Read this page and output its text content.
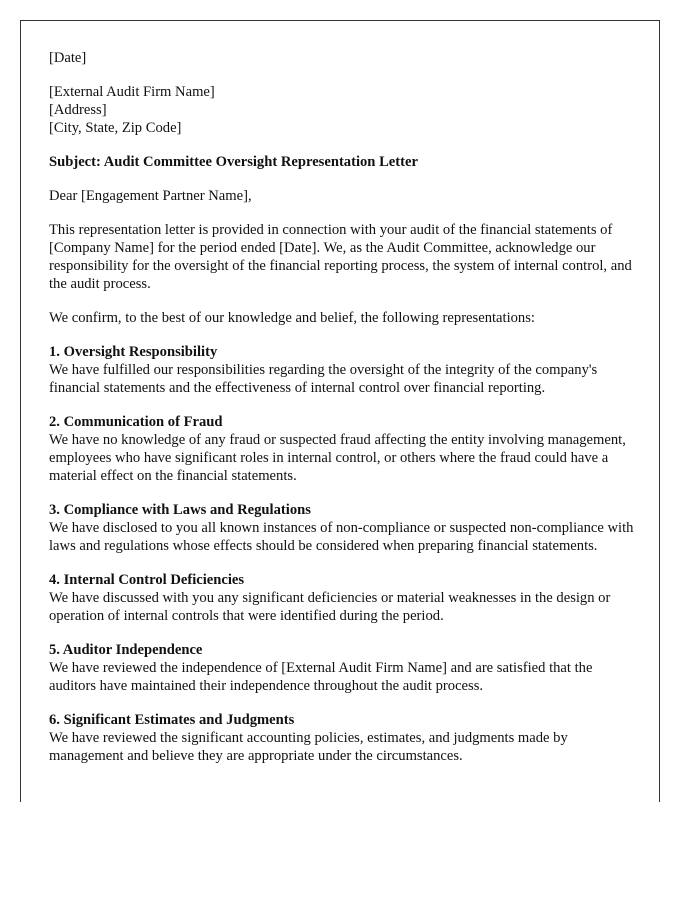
[Date]

[External Audit Firm Name]
[Address]
[City, State, Zip Code]

Subject: Audit Committee Oversight Representation Letter

Dear [Engagement Partner Name],

This representation letter is provided in connection with your audit of the financial statements of [Company Name] for the period ended [Date]. We, as the Audit Committee, acknowledge our responsibility for the oversight of the financial reporting process, the system of internal control, and the audit process.

We confirm, to the best of our knowledge and belief, the following representations:

1. Oversight Responsibility
We have fulfilled our responsibilities regarding the oversight of the integrity of the company's financial statements and the effectiveness of internal control over financial reporting.
2. Communication of Fraud
We have no knowledge of any fraud or suspected fraud affecting the entity involving management, employees who have significant roles in internal control, or others where the fraud could have a material effect on the financial statements.
3. Compliance with Laws and Regulations
We have disclosed to you all known instances of non-compliance or suspected non-compliance with laws and regulations whose effects should be considered when preparing financial statements.
4. Internal Control Deficiencies
We have discussed with you any significant deficiencies or material weaknesses in the design or operation of internal controls that were identified during the period.
5. Auditor Independence
We have reviewed the independence of [External Audit Firm Name] and are satisfied that the auditors have maintained their independence throughout the audit process.
6. Significant Estimates and Judgments
We have reviewed the significant accounting policies, estimates, and judgments made by management and believe they are appropriate under the circumstances.
